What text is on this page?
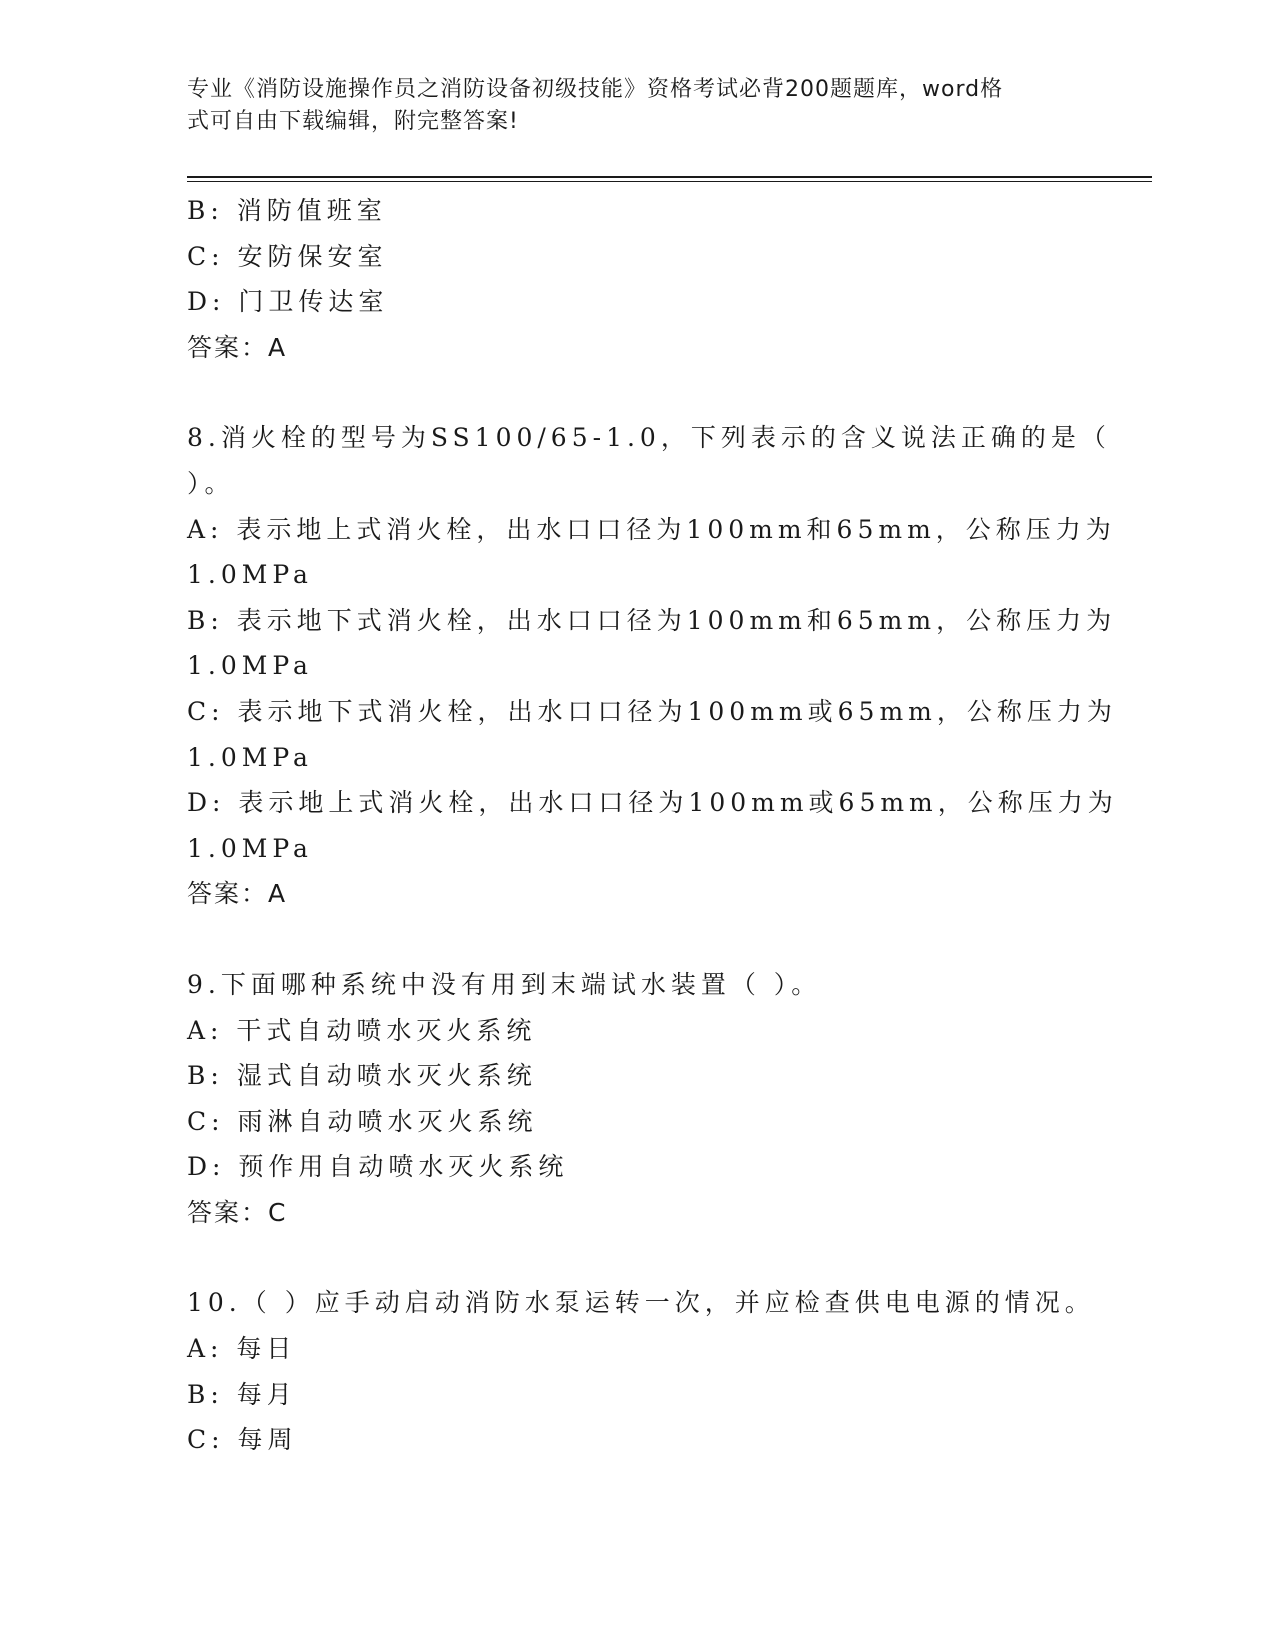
专业《消防设施操作员之消防设备初级技能》资格考试必背200题题库，word格
式可自由下载编辑，附完整答案!
B: 消防值班室
C: 安防保安室
D: 门卫传达室
答案：A
8.消火栓的型号为SS100/65-1.0，下列表示的含义说法正确的是（
）。
A: 表示地上式消火栓，出水口口径为100mm和65mm，公称压力为
1.0MPa
B: 表示地下式消火栓，出水口口径为100mm和65mm，公称压力为
1.0MPa
C: 表示地下式消火栓，出水口口径为100mm或65mm，公称压力为
1.0MPa
D: 表示地上式消火栓，出水口口径为100mm或65mm，公称压力为
1.0MPa
答案：A
9.下面哪种系统中没有用到末端试水装置（ ）。
A: 干式自动喷水灭火系统
B: 湿式自动喷水灭火系统
C: 雨淋自动喷水灭火系统
D: 预作用自动喷水灭火系统
答案：C
10.（ ）应手动启动消防水泵运转一次，并应检查供电电源的情况。
A: 每日
B: 每月
C: 每周
